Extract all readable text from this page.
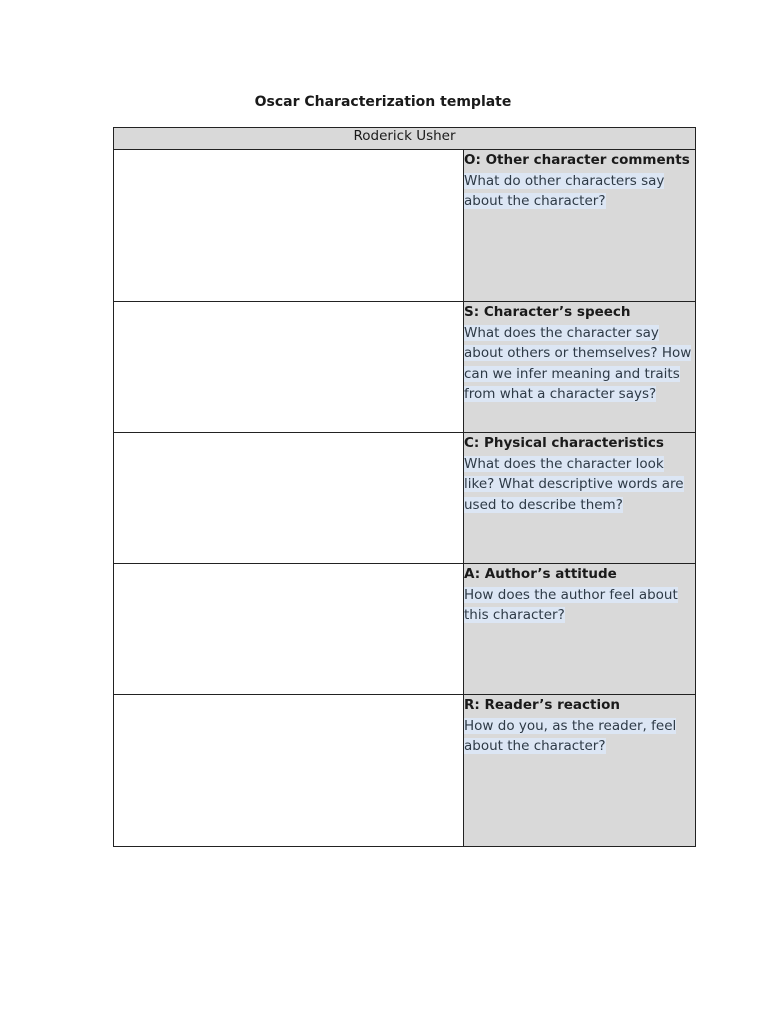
Oscar Characterization template
Roderick Usher	

	O: Other character comments
What do other characters say about the character?

	S: Character’s speech
What does the character say about others or themselves? How can we infer meaning and traits from what a character says?

	C: Physical characteristics
What does the character look like? What descriptive words are used to describe them?

	A: Author’s attitude
How does the author feel about this character?

	R: Reader’s reaction
How do you, as the reader, feel about the character?
